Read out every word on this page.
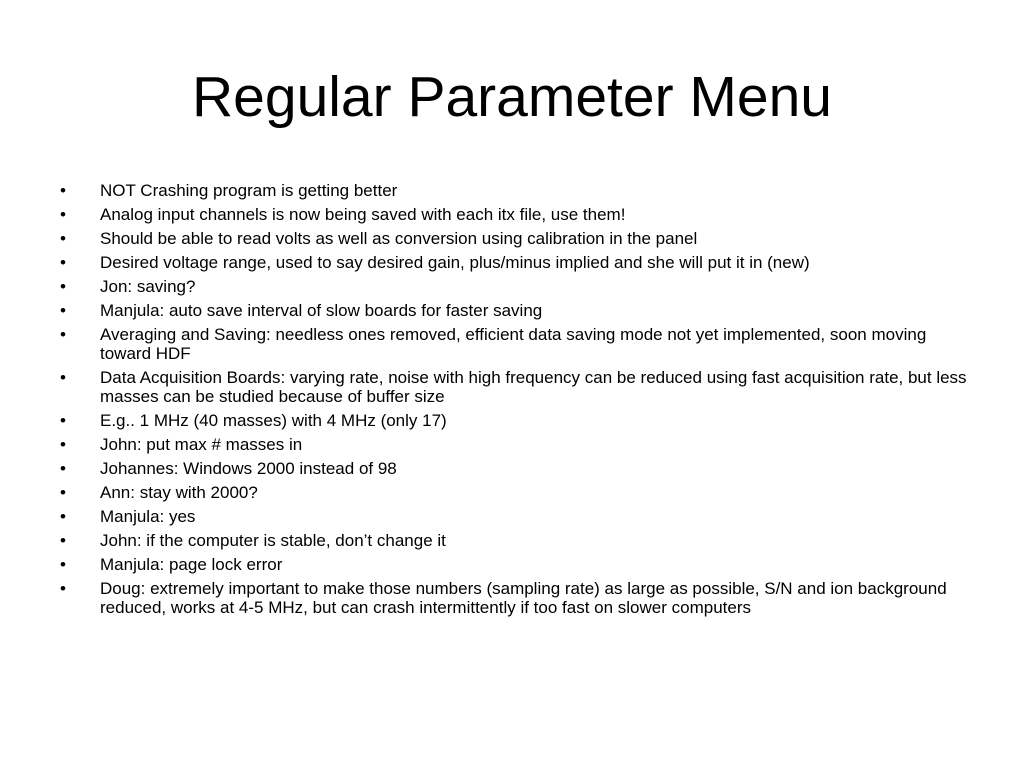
Regular Parameter Menu
•	NOT Crashing program is getting better
•	Analog input channels is now being saved with each itx file, use them!
•	Should be able to read volts as well as conversion using calibration in the panel
•	Desired voltage range, used to say desired gain, plus/minus implied and she will put it in (new)
•	Jon: saving?
•	Manjula: auto save interval of slow boards for faster saving
•	Averaging and Saving: needless ones removed, efficient data saving mode not yet implemented, soon moving toward HDF
•	Data Acquisition Boards: varying rate, noise with high frequency can be reduced using fast acquisition rate, but less masses can be studied because of buffer size
•	E.g.. 1 MHz (40 masses) with 4 MHz (only 17)
•	John: put max # masses in
•	Johannes: Windows 2000 instead of 98
•	Ann: stay with 2000?
•	Manjula: yes
•	John: if the computer is stable, don’t change it
•	Manjula: page lock error
•	Doug: extremely important to make those numbers (sampling rate) as large as possible, S/N and ion background reduced, works at 4-5 MHz, but can crash intermittently if too fast on slower computers
